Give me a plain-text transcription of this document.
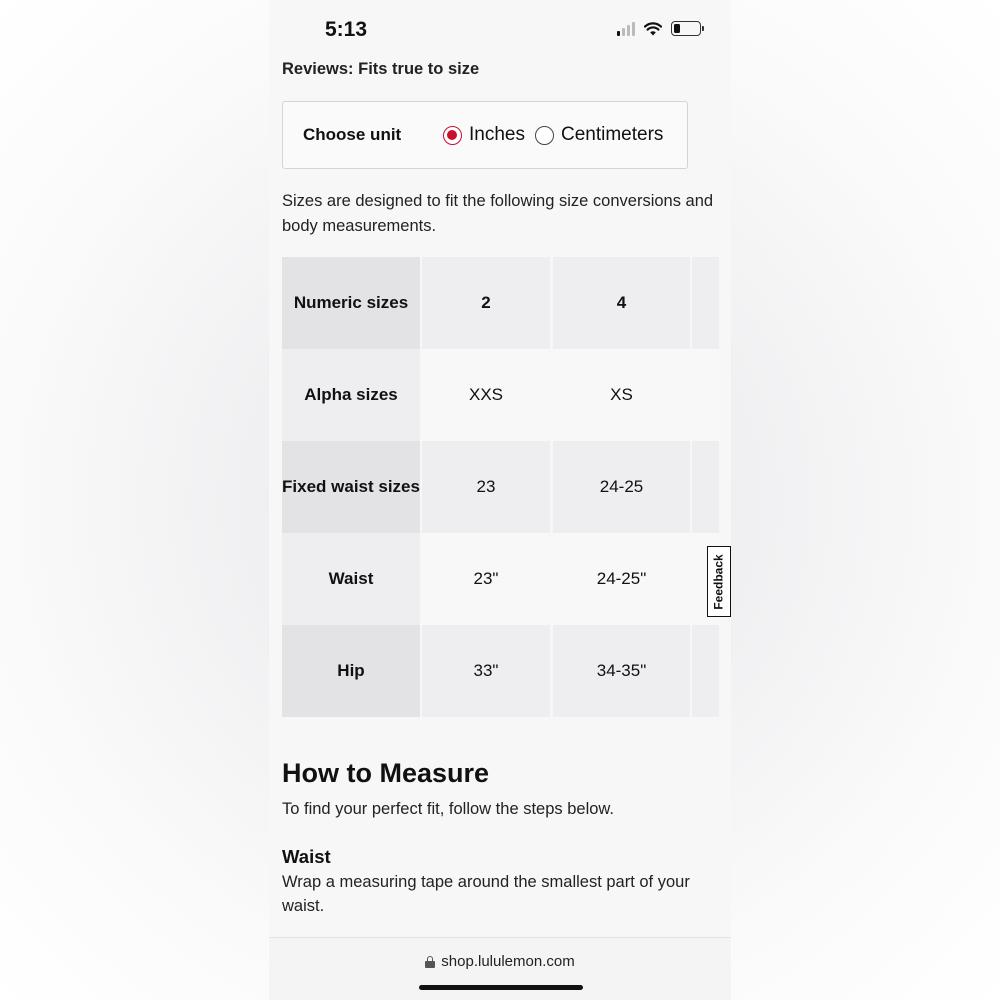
5:13
Reviews: Fits true to size
Choose unit	Inches Centimeters
Sizes are designed to fit the following size conversions and body measurements.
Numeric sizes	2	4
Alpha sizes	XXS	XS
Fixed waist sizes	23	24-25
Waist	23"	24-25"
Hip	33"	34-35"
Feedback
How to Measure
To find your perfect fit, follow the steps below.
Waist
Wrap a measuring tape around the smallest part of your waist.
shop.lululemon.com
